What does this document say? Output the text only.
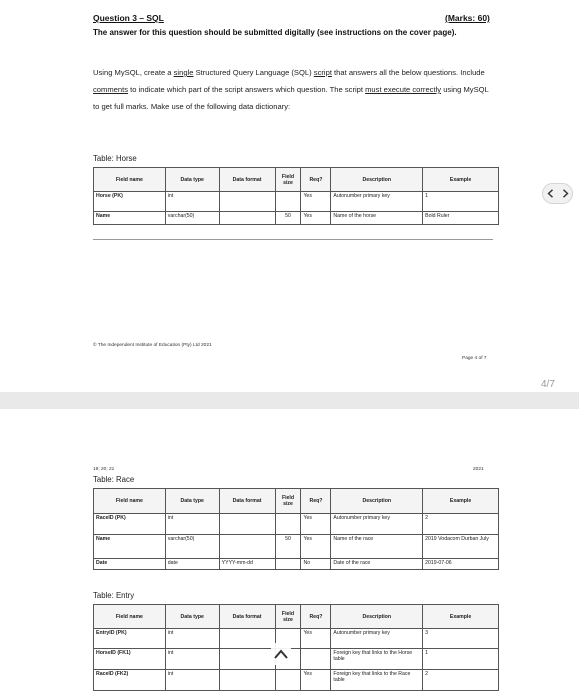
Question 3 – SQL	(Marks: 60)
The answer for this question should be submitted digitally (see instructions on the cover page).
Using MySQL, create a single Structured Query Language (SQL) script that answers all the below questions. Include comments to indicate which part of the script answers which question. The script must execute correctly using MySQL to get full marks. Make use of the following data dictionary:
Table: Horse
Field name	Data type	Data format	Field size	Req?	Description	Example
Horse (PK)	int			Yes	Autonumber primary key	1
Name	varchar(50)		50	Yes	Name of the horse	Bold Ruler
© The Independent Institute of Education (Pty) Ltd 2021
Page 4 of 7
4/7
19; 20; 21	2021
Table: Race
Field name	Data type	Data format	Field size	Req?	Description	Example
RaceID (PK)	int			Yes	Autonumber primary key	2
Name	varchar(50)		50	Yes	Name of the race	2019 Vodacom Durban July
Date	date	YYYY-mm-dd		No	Date of the race	2019-07-06
Table: Entry
Field name	Data type	Data format	Field size	Req?	Description	Example
EntryID (PK)	int			Yes	Autonumber primary key	3
HorseID (FK1)	int				Foreign key that links to the Horse table	1
RaceID (FK2)	int			Yes	Foreign key that links to the Race table	2
